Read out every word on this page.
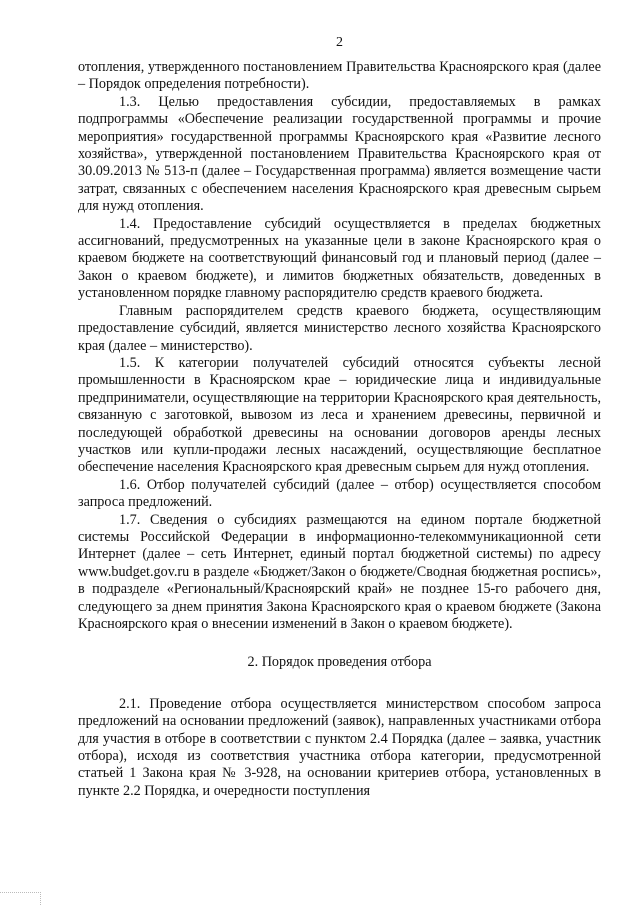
2

отопления, утвержденного постановлением Правительства Красноярского края (далее – Порядок определения потребности).

1.3. Целью предоставления субсидии, предоставляемых в рамках подпрограммы «Обеспечение реализации государственной программы и прочие мероприятия» государственной программы Красноярского края «Развитие лесного хозяйства», утвержденной постановлением Правительства Красноярского края от 30.09.2013 № 513-п (далее – Государственная программа) является возмещение части затрат, связанных с обеспечением населения Красноярского края древесным сырьем для нужд отопления.

1.4. Предоставление субсидий осуществляется в пределах бюджетных ассигнований, предусмотренных на указанные цели в законе Красноярского края о краевом бюджете на соответствующий финансовый год и плановый период (далее – Закон о краевом бюджете), и лимитов бюджетных обязательств, доведенных в установленном порядке главному распорядителю средств краевого бюджета.

Главным распорядителем средств краевого бюджета, осуществляющим предоставление субсидий, является министерство лесного хозяйства Красноярского края (далее – министерство).

1.5. К категории получателей субсидий относятся субъекты лесной промышленности в Красноярском крае – юридические лица и индивидуальные предприниматели, осуществляющие на территории Красноярского края деятельность, связанную с заготовкой, вывозом из леса и хранением древесины, первичной и последующей обработкой древесины на основании договоров аренды лесных участков или купли-продажи лесных насаждений, осуществляющие бесплатное обеспечение населения Красноярского края древесным сырьем для нужд отопления.

1.6. Отбор получателей субсидий (далее – отбор) осуществляется способом запроса предложений.

1.7. Сведения о субсидиях размещаются на едином портале бюджетной системы Российской Федерации в информационно-телекоммуникационной сети Интернет (далее – сеть Интернет, единый портал бюджетной системы) по адресу www.budget.gov.ru в разделе «Бюджет/Закон о бюджете/Сводная бюджетная роспись», в подразделе «Региональный/Красноярский край» не позднее 15-го рабочего дня, следующего за днем принятия Закона Красноярского края о краевом бюджете (Закона Красноярского края о внесении изменений в Закон о краевом бюджете).

2. Порядок проведения отбора

2.1. Проведение отбора осуществляется министерством способом запроса предложений на основании предложений (заявок), направленных участниками отбора для участия в отборе в соответствии с пунктом 2.4 Порядка (далее – заявка, участник отбора), исходя из соответствия участника отбора категории, предусмотренной статьей 1 Закона края № 3-928, на основании критериев отбора, установленных в пункте 2.2 Порядка, и очередности поступления
